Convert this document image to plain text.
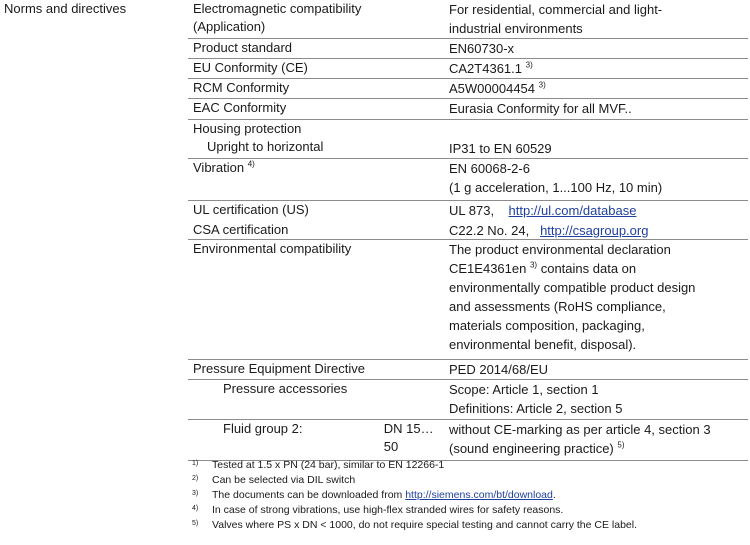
Norms and directives	Electromagnetic compatibility
(Application)
For residential, commercial and light-
industrial environments
Product standard	EN60730-x
EU Conformity (CE)	CA2T4361.1 $^{3)}$
RCM Conformity	A5W00004454 $^{3)}$
EAC Conformity	Eurasia Conformity for all MVF..
Housing protection
Upright to horizontal	IP31 to EN 60529
Vibration $^{4)}$	EN 60068-2-6
(1 g acceleration, 1...100 Hz, 10 min)
UL certification (US)	UL 873, http://ul.com/database
CSA certification	C22.2 No. 24, http://csagroup.org
Environmental compatibility	The product environmental declaration
CE1E4361en $^{3)}$ contains data on
environmentally compatible product design
and assessments (RoHS compliance,
materials composition, packaging,
environmental benefit, disposal).
Pressure Equipment Directive	PED 2014/68/EU
Pressure accessories	Scope: Article 1, section 1
Definitions: Article 2, section 5
Fluid group 2:	DN 15…50
without CE-marking as per article 4, section 3
(sound engineering practice) $^{5)}$
1)	Tested at 1.5 x PN (24 bar), similar to EN 12266-1
2)	Can be selected via DIL switch
3)	The documents can be downloaded from http://siemens.com/bt/download.
4)	In case of strong vibrations, use high-flex stranded wires for safety reasons.
5)	Valves where PS x DN < 1000, do not require special testing and cannot carry the CE label.
